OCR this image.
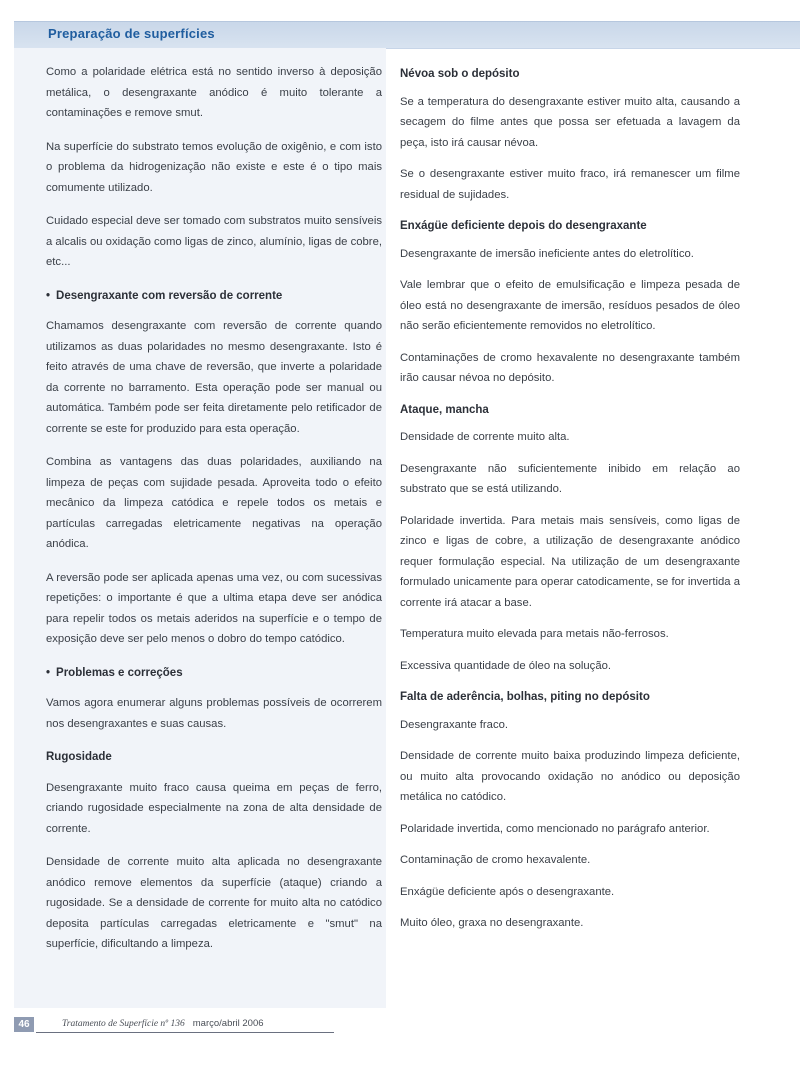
Preparação de superfícies

Como a polaridade elétrica está no sentido inverso à deposição metálica, o desengraxante anódico é muito tolerante a contaminações e remove smut.

Na superfície do substrato temos evolução de oxigênio, e com isto o problema da hidrogenização não existe e este é o tipo mais comumente utilizado.

Cuidado especial deve ser tomado com substratos muito sensíveis a alcalis ou oxidação como ligas de zinco, alumínio, ligas de cobre, etc...

• Desengraxante com reversão de corrente

Chamamos desengraxante com reversão de corrente quando utilizamos as duas polaridades no mesmo desengraxante. Isto é feito através de uma chave de reversão, que inverte a polaridade da corrente no barramento. Esta operação pode ser manual ou automática. Também pode ser feita diretamente pelo retificador de corrente se este for produzido para esta operação.

Combina as vantagens das duas polaridades, auxiliando na limpeza de peças com sujidade pesada. Aproveita todo o efeito mecânico da limpeza catódica e repele todos os metais e partículas carregadas eletricamente negativas na operação anódica.

A reversão pode ser aplicada apenas uma vez, ou com sucessivas repetições: o importante é que a ultima etapa deve ser anódica para repelir todos os metais aderidos na superfície e o tempo de exposição deve ser pelo menos o dobro do tempo catódico.

• Problemas e correções

Vamos agora enumerar alguns problemas possíveis de ocorrerem nos desengraxantes e suas causas.

Rugosidade

Desengraxante muito fraco causa queima em peças de ferro, criando rugosidade especialmente na zona de alta densidade de corrente.

Densidade de corrente muito alta aplicada no desengraxante anódico remove elementos da superfície (ataque) criando a rugosidade. Se a densidade de corrente for muito alta no catódico deposita partículas carregadas eletricamente e "smut" na superfície, dificultando a limpeza.

Névoa sob o depósito

Se a temperatura do desengraxante estiver muito alta, causando a secagem do filme antes que possa ser efetuada a lavagem da peça, isto irá causar névoa.

Se o desengraxante estiver muito fraco, irá remanescer um filme residual de sujidades.

Enxágüe deficiente depois do desengraxante

Desengraxante de imersão ineficiente antes do eletrolítico.

Vale lembrar que o efeito de emulsificação e limpeza pesada de óleo está no desengraxante de imersão, resíduos pesados de óleo não serão eficientemente removidos no eletrolítico.

Contaminações de cromo hexavalente no desengraxante também irão causar névoa no depósito.

Ataque, mancha

Densidade de corrente muito alta.

Desengraxante não suficientemente inibido em relação ao substrato que se está utilizando.

Polaridade invertida. Para metais mais sensíveis, como ligas de zinco e ligas de cobre, a utilização de desengraxante anódico requer formulação especial. Na utilização de um desengraxante formulado unicamente para operar catodicamente, se for invertida a corrente irá atacar a base.

Temperatura muito elevada para metais não-ferrosos.

Excessiva quantidade de óleo na solução.

Falta de aderência, bolhas, piting no depósito

Desengraxante fraco.

Densidade de corrente muito baixa produzindo limpeza deficiente, ou muito alta provocando oxidação no anódico ou deposição metálica no catódico.

Polaridade invertida, como mencionado no parágrafo anterior.

Contaminação de cromo hexavalente.

Enxágüe deficiente após o desengraxante.

Muito óleo, graxa no desengraxante.

46	Tratamento de Superfície nº 136 março/abril 2006
